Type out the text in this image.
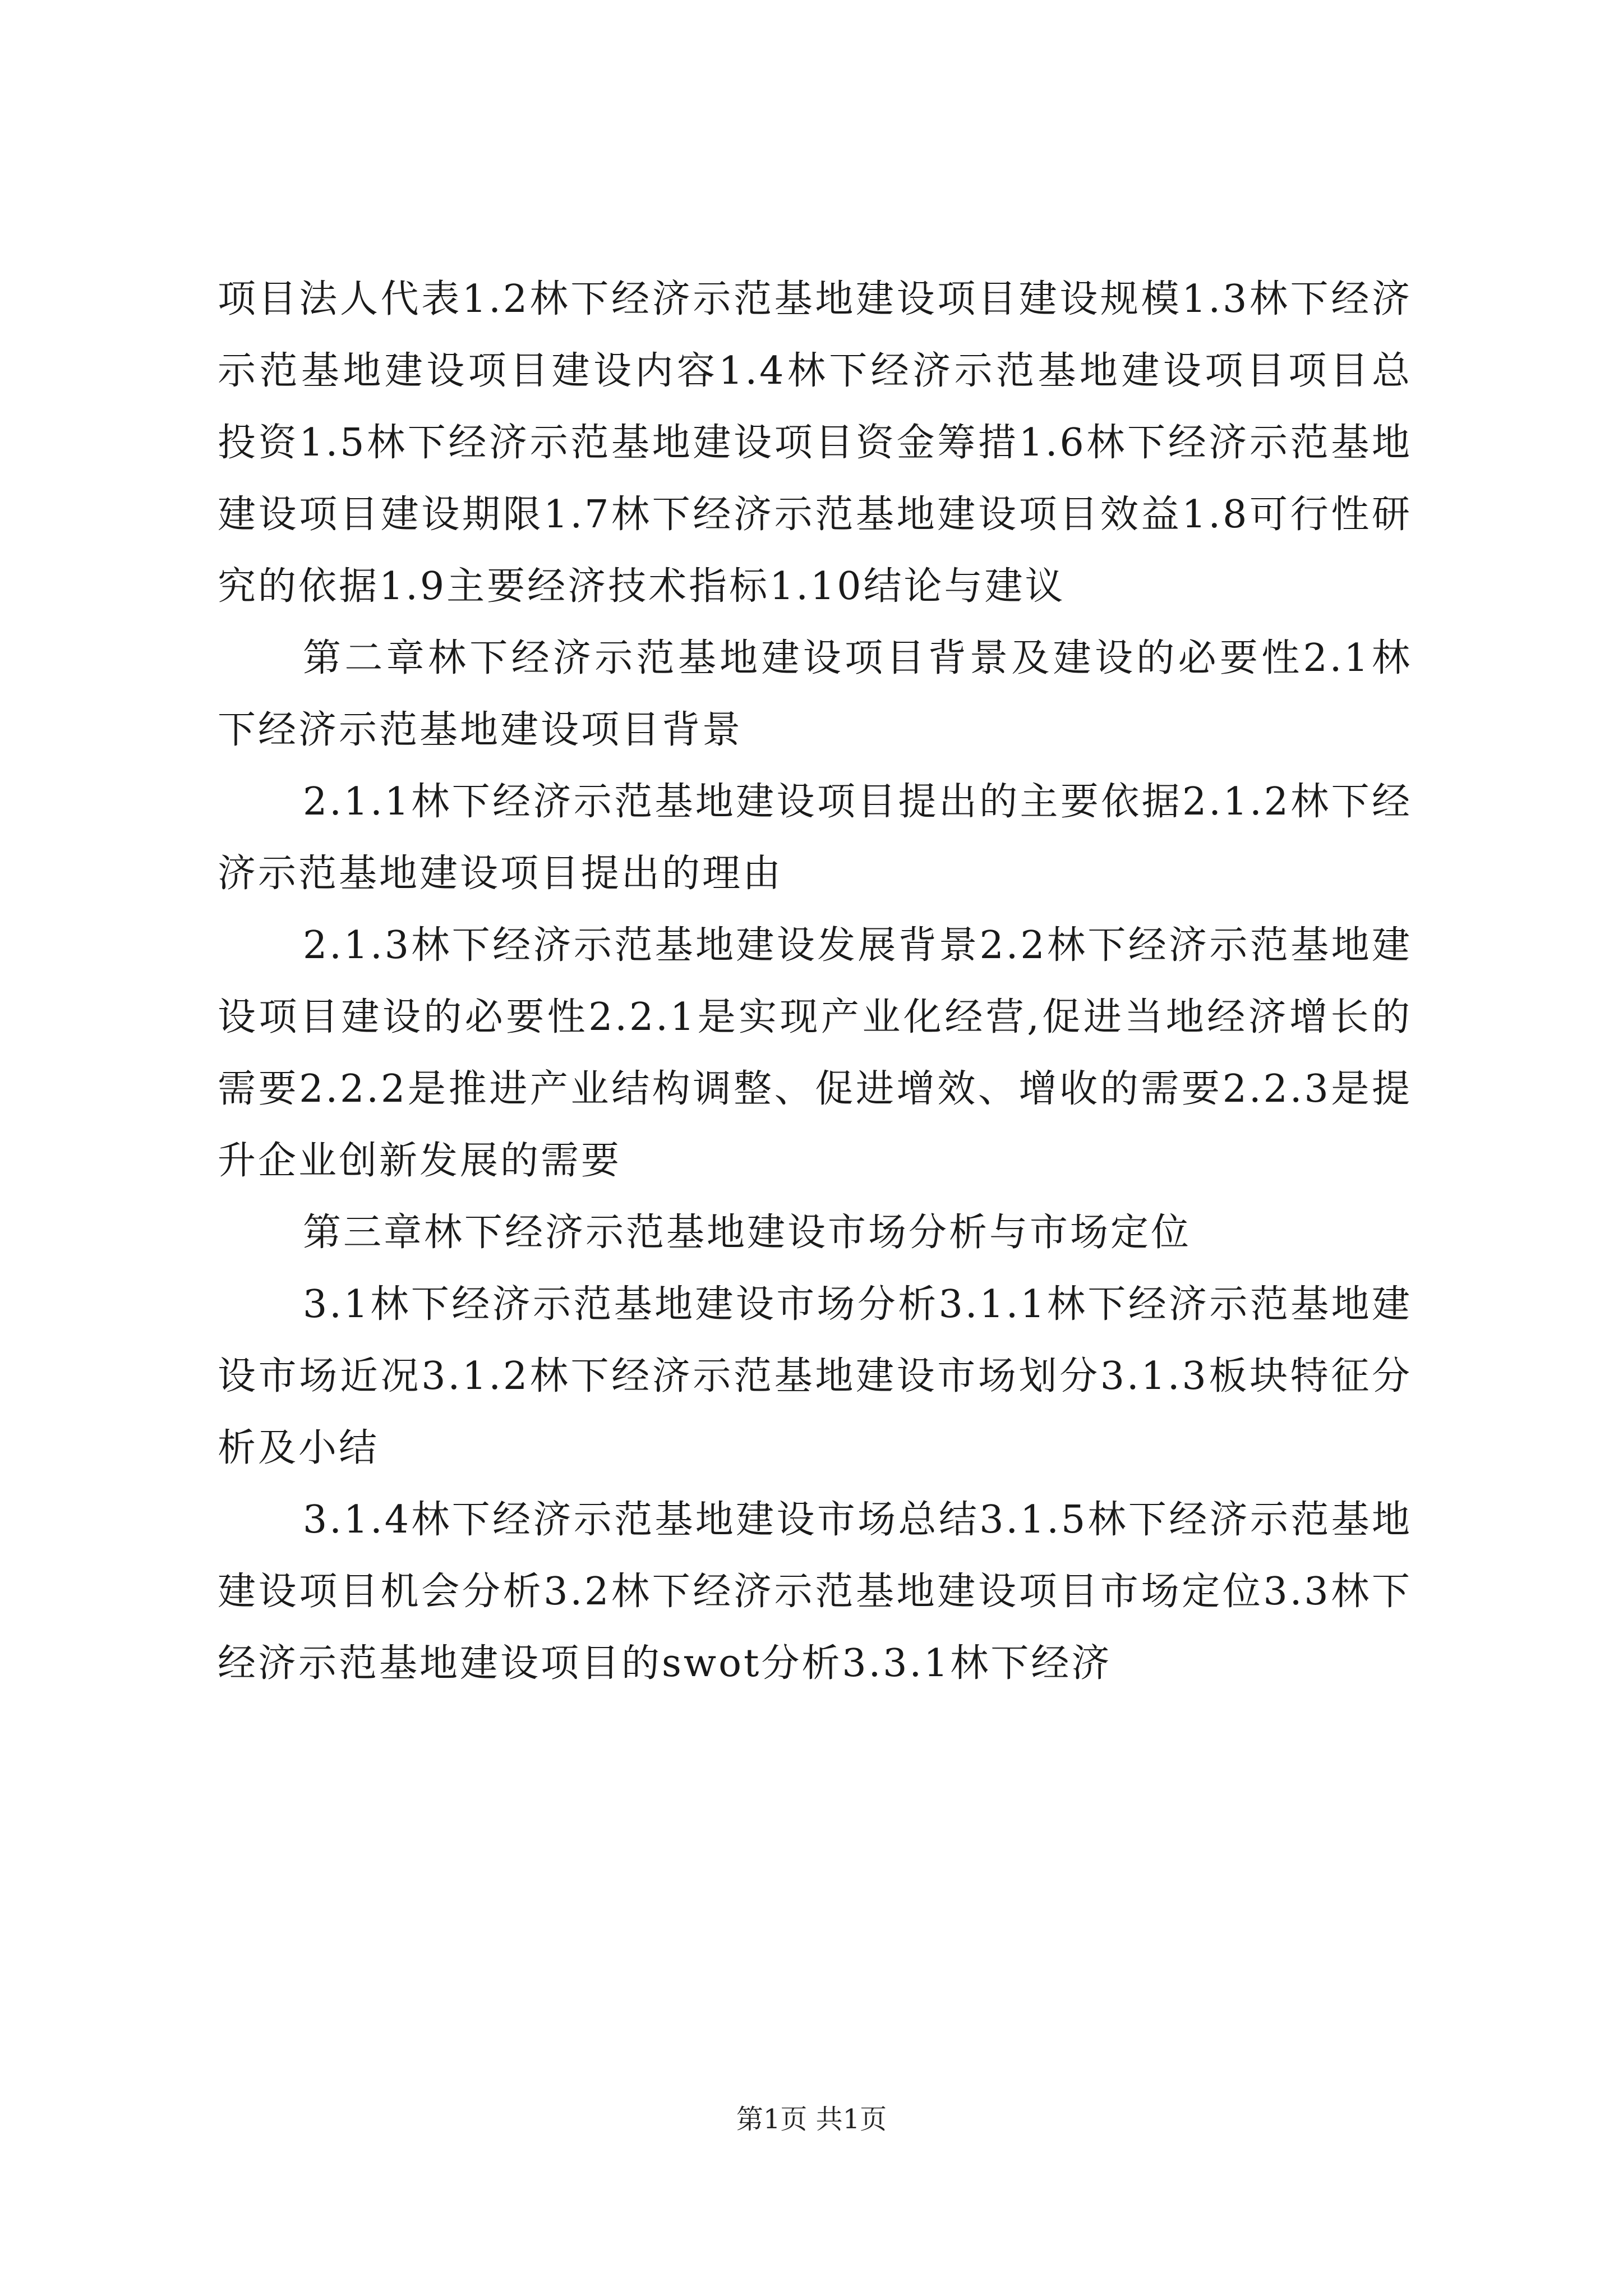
项目法人代表1.2林下经济示范基地建设项目建设规模1.3林下经济示范基地建设项目建设内容1.4林下经济示范基地建设项目项目总投资1.5林下经济示范基地建设项目资金筹措1.6林下经济示范基地建设项目建设期限1.7林下经济示范基地建设项目效益1.8可行性研究的依据1.9主要经济技术指标1.10结论与建议

第二章林下经济示范基地建设项目背景及建设的必要性2.1林下经济示范基地建设项目背景

2.1.1林下经济示范基地建设项目提出的主要依据2.1.2林下经济示范基地建设项目提出的理由

2.1.3林下经济示范基地建设发展背景2.2林下经济示范基地建设项目建设的必要性2.2.1是实现产业化经营,促进当地经济增长的需要2.2.2是推进产业结构调整、促进增效、增收的需要2.2.3是提升企业创新发展的需要

第三章林下经济示范基地建设市场分析与市场定位

3.1林下经济示范基地建设市场分析3.1.1林下经济示范基地建设市场近况3.1.2林下经济示范基地建设市场划分3.1.3板块特征分析及小结

3.1.4林下经济示范基地建设市场总结3.1.5林下经济示范基地建设项目机会分析3.2林下经济示范基地建设项目市场定位3.3林下经济示范基地建设项目的swot分析3.3.1林下经济

第1页 共1页
